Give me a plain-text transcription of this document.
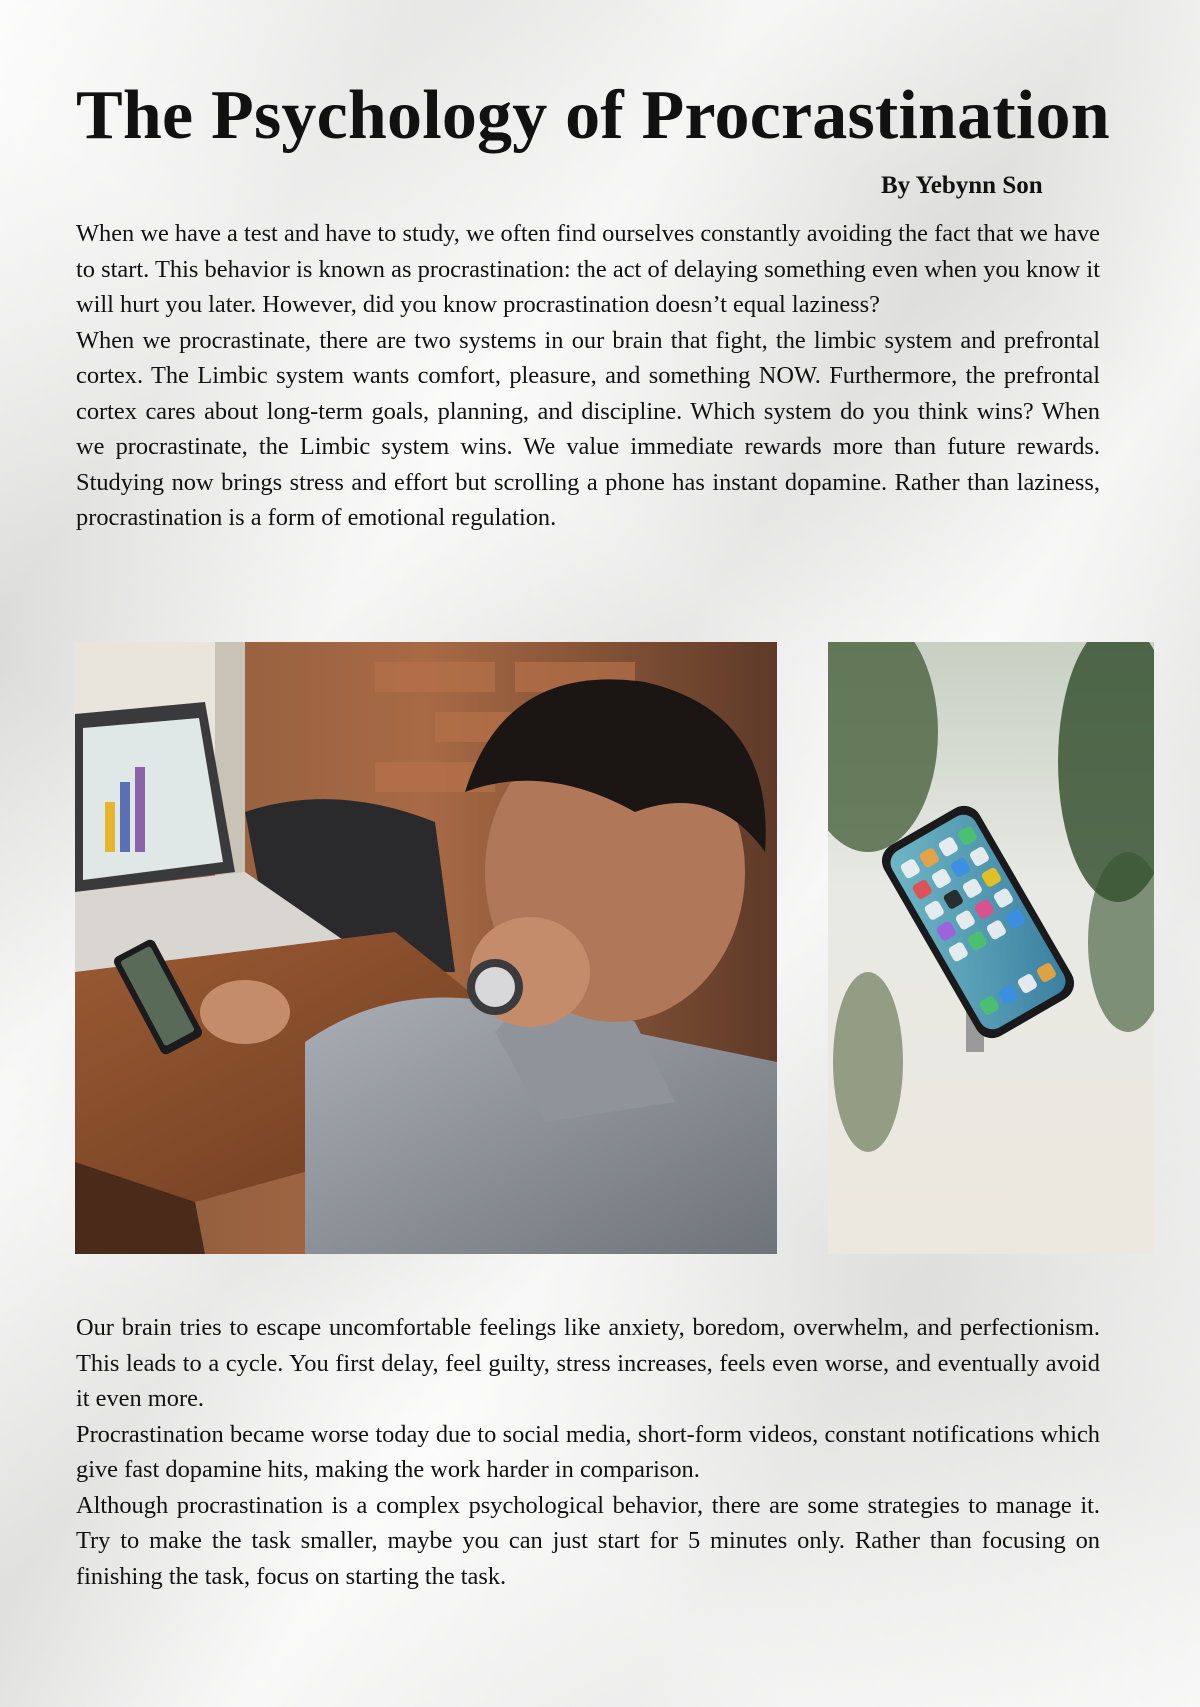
The Psychology of Procrastination
By Yebynn Son

When we have a test and have to study, we often find ourselves constantly avoiding the fact that we have to start. This behavior is known as procrastination: the act of delaying something even when you know it will hurt you later. However, did you know procrastination doesn’t equal laziness?

When we procrastinate, there are two systems in our brain that fight, the limbic system and prefrontal cortex. The Limbic system wants comfort, pleasure, and something NOW. Furthermore, the prefrontal cortex cares about long-term goals, planning, and discipline. Which system do you think wins? When we procrastinate, the Limbic system wins. We value immediate rewards more than future rewards. Studying now brings stress and effort but scrolling a phone has instant dopamine. Rather than laziness, procrastination is a form of emotional regulation.

Our brain tries to escape uncomfortable feelings like anxiety, boredom, overwhelm, and perfectionism. This leads to a cycle. You first delay, feel guilty, stress increases, feels even worse, and eventually avoid it even more.

Procrastination became worse today due to social media, short-form videos, constant notifications which give fast dopamine hits, making the work harder in comparison.

Although procrastination is a complex psychological behavior, there are some strategies to manage it. Try to make the task smaller, maybe you can just start for 5 minutes only. Rather than focusing on finishing the task, focus on starting the task.
